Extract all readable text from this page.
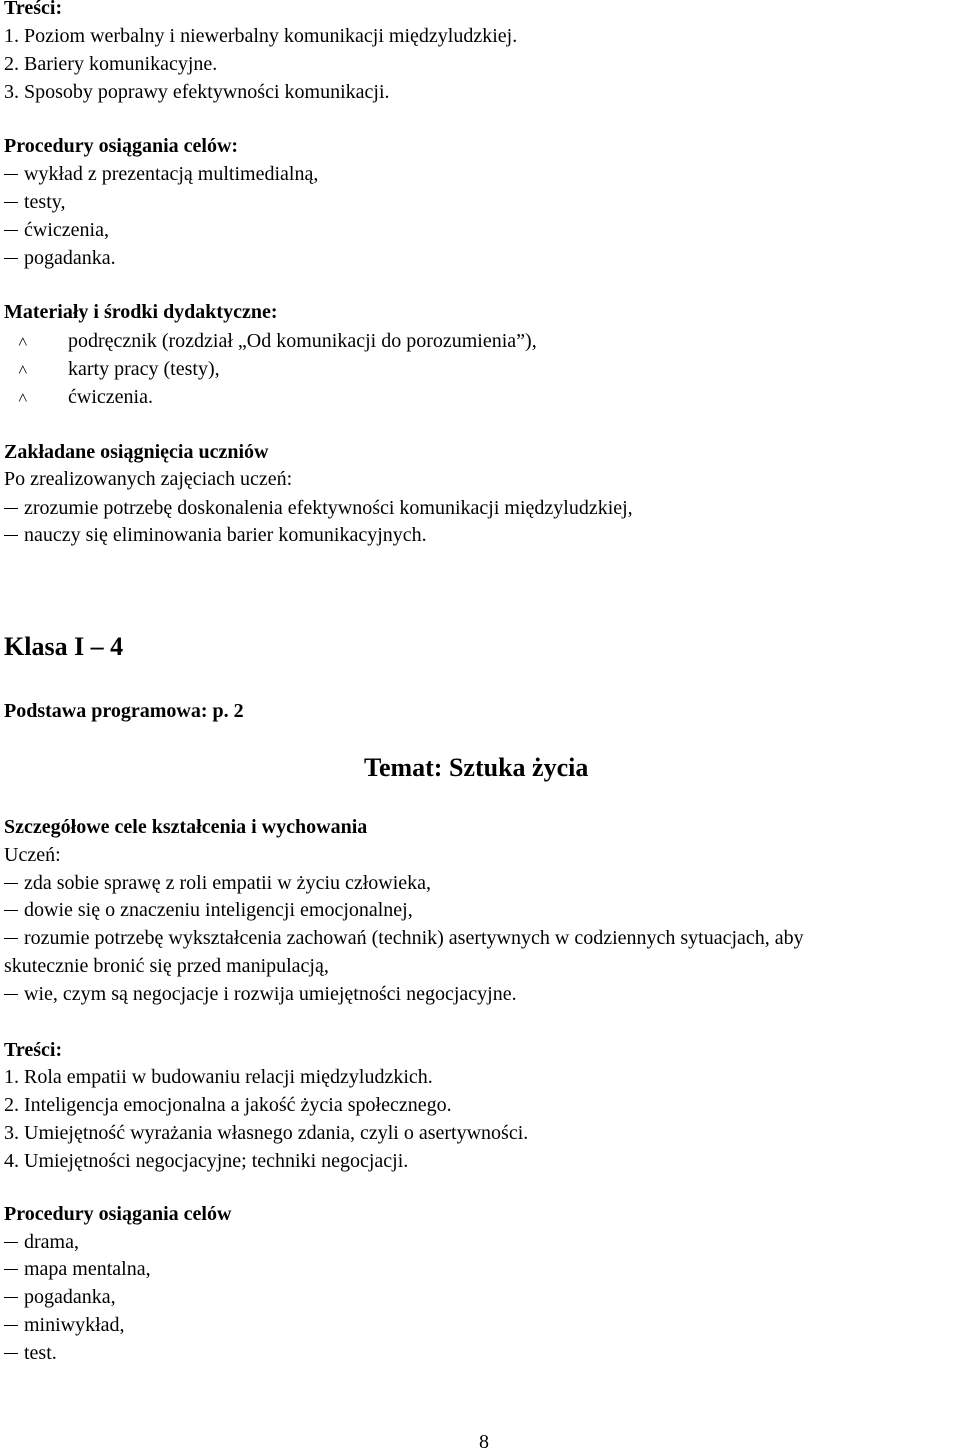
Treści:
1. Poziom werbalny i niewerbalny komunikacji międzyludzkiej.
2. Bariery komunikacyjne.
3. Sposoby poprawy efektywności komunikacji.
Procedury osiągania celów:
wykład z prezentacją multimedialną,
testy,
ćwiczenia,
pogadanka.
Materiały i środki dydaktyczne:
˄ podręcznik (rozdział „Od komunikacji do porozumienia”),
˄ karty pracy (testy),
˄ ćwiczenia.
Zakładane osiągnięcia uczniów
Po zrealizowanych zajęciach uczeń:
zrozumie potrzebę doskonalenia efektywności komunikacji międzyludzkiej,
nauczy się eliminowania barier komunikacyjnych.
Klasa I – 4
Podstawa programowa: p. 2
Temat: Sztuka życia
Szczegółowe cele kształcenia i wychowania
Uczeń:
zda sobie sprawę z roli empatii w życiu człowieka,
dowie się o znaczeniu inteligencji emocjonalnej,
rozumie potrzebę wykształcenia zachowań (technik) asertywnych w codziennych sytuacjach, aby
skutecznie bronić się przed manipulacją,
wie, czym są negocjacje i rozwija umiejętności negocjacyjne.
Treści:
1. Rola empatii w budowaniu relacji międzyludzkich.
2. Inteligencja emocjonalna a jakość życia społecznego.
3. Umiejętność wyrażania własnego zdania, czyli o asertywności.
4. Umiejętności negocjacyjne; techniki negocjacji.
Procedury osiągania celów
drama,
mapa mentalna,
pogadanka,
miniwykład,
test.
8
